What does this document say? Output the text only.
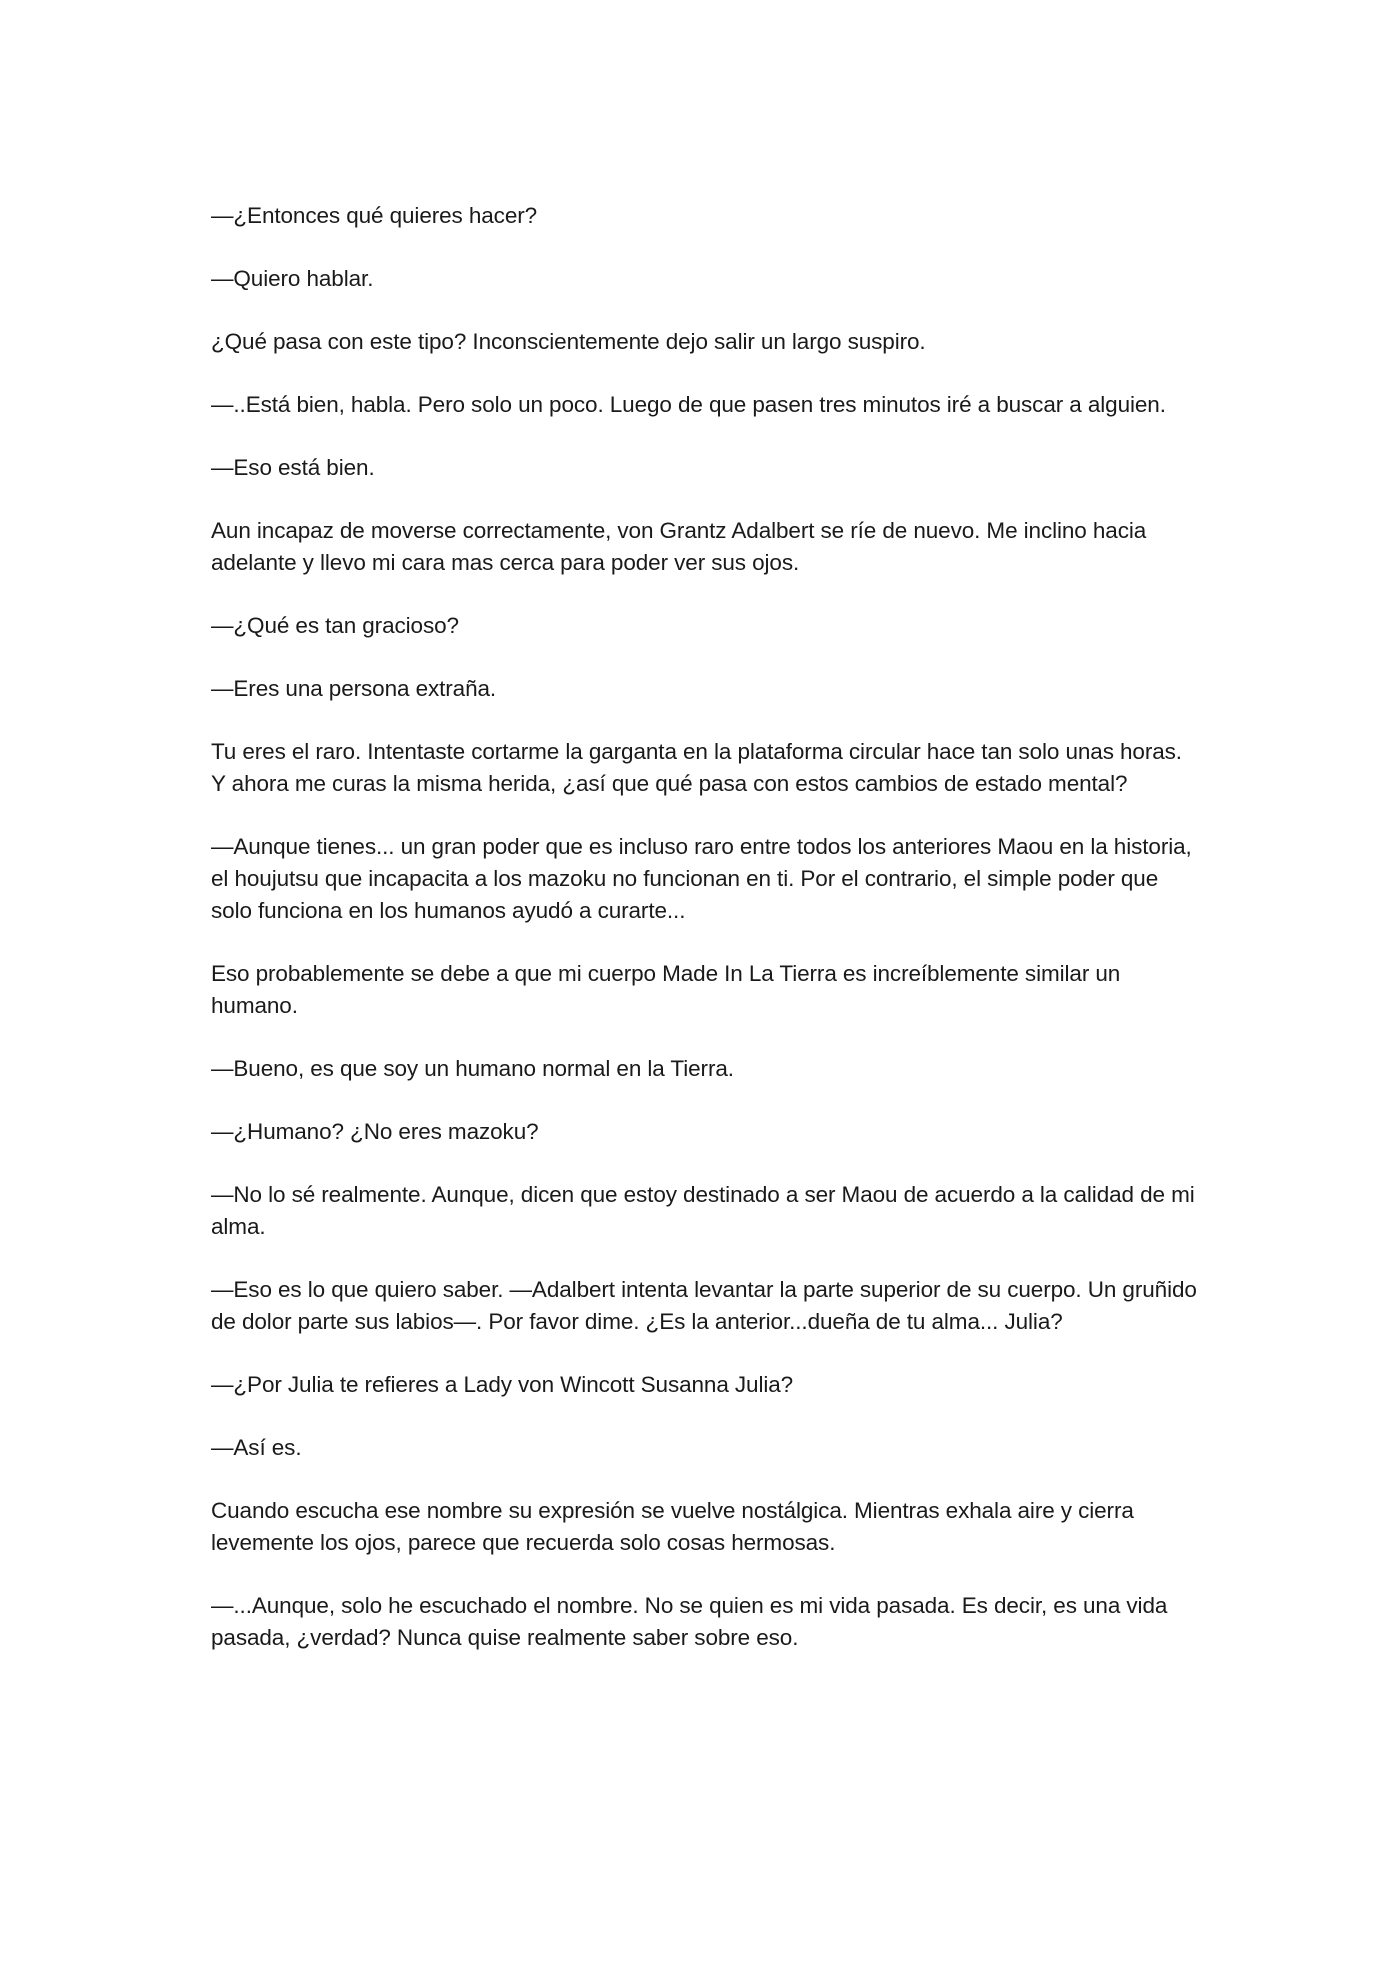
—¿Entonces qué quieres hacer?

—Quiero hablar.

¿Qué pasa con este tipo? Inconscientemente dejo salir un largo suspiro.

—..Está bien, habla. Pero solo un poco. Luego de que pasen tres minutos iré a buscar a alguien.

—Eso está bien.

Aun incapaz de moverse correctamente, von Grantz Adalbert se ríe de nuevo. Me inclino hacia adelante y llevo mi cara mas cerca para poder ver sus ojos.

—¿Qué es tan gracioso?

—Eres una persona extraña.

Tu eres el raro. Intentaste cortarme la garganta en la plataforma circular hace tan solo unas horas. Y ahora me curas la misma herida, ¿así que qué pasa con estos cambios de estado mental?

—Aunque tienes... un gran poder que es incluso raro entre todos los anteriores Maou en la historia, el houjutsu que incapacita a los mazoku no funcionan en ti. Por el contrario, el simple poder que solo funciona en los humanos ayudó a curarte...

Eso probablemente se debe a que mi cuerpo Made In La Tierra es increíblemente similar un humano.

—Bueno, es que soy un humano normal en la Tierra.

—¿Humano? ¿No eres mazoku?

—No lo sé realmente. Aunque, dicen que estoy destinado a ser Maou de acuerdo a la calidad de mi alma.

—Eso es lo que quiero saber. —Adalbert intenta levantar la parte superior de su cuerpo. Un gruñido de dolor parte sus labios—. Por favor dime. ¿Es la anterior...dueña de tu alma... Julia?

—¿Por Julia te refieres a Lady von Wincott Susanna Julia?

—Así es.

Cuando escucha ese nombre su expresión se vuelve nostálgica. Mientras exhala aire y cierra levemente los ojos, parece que recuerda solo cosas hermosas.

—...Aunque, solo he escuchado el nombre. No se quien es mi vida pasada. Es decir, es una vida pasada, ¿verdad? Nunca quise realmente saber sobre eso.
